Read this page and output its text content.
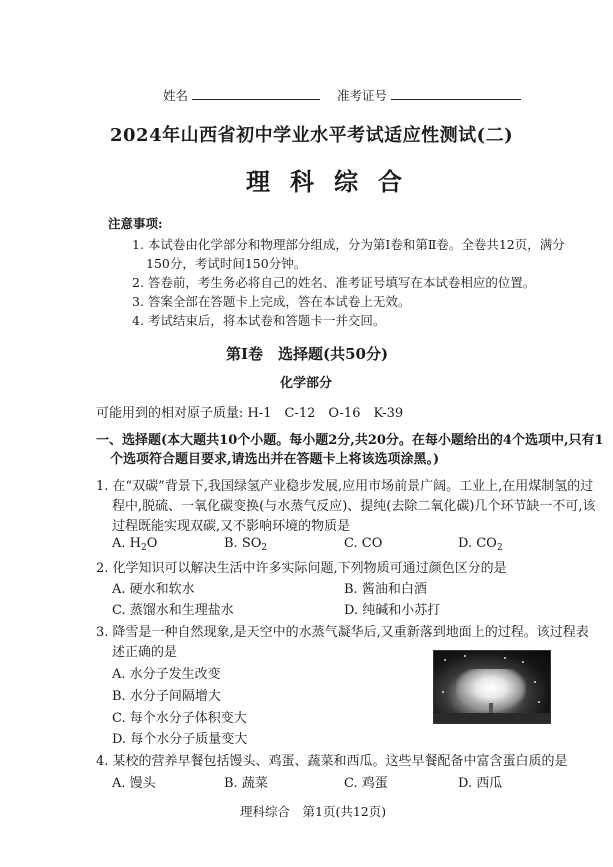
姓名	准考证号
2024年山西省初中学业水平考试适应性测试(二)
理科综合
注意事项:
1. 本试卷由化学部分和物理部分组成，分为第Ⅰ卷和第Ⅱ卷。全卷共12页，满分
150分，考试时间150分钟。
2. 答卷前，考生务必将自己的姓名、准考证号填写在本试卷相应的位置。
3. 答案全部在答题卡上完成，答在本试卷上无效。
4. 考试结束后，将本试卷和答题卡一并交回。
第Ⅰ卷　选择题(共50分)
化学部分
可能用到的相对原子质量: H-1　C-12　O-16　K-39
一、选择题(本大题共10个小题。每小题2分,共20分。在每小题给出的4个选项中,只有1
个选项符合题目要求,请选出并在答题卡上将该选项涂黑。)
1. 在“双碳”背景下,我国绿氢产业稳步发展,应用市场前景广阔。工业上,在用煤制氢的过
程中,脱硫、一氧化碳变换(与水蒸气反应)、提纯(去除二氧化碳)几个环节缺一不可,该
过程既能实现双碳,又不影响环境的物质是
A. $H_2O$	B. $SO_2$	C. CO	D. $CO_2$
2. 化学知识可以解决生活中许多实际问题,下列物质可通过颜色区分的是
A. 硬水和软水	B. 酱油和白酒
C. 蒸馏水和生理盐水	D. 纯碱和小苏打
3. 降雪是一种自然现象,是天空中的水蒸气凝华后,又重新落到地面上的过程。该过程表
述正确的是
A. 水分子发生改变
B. 水分子间隔增大
C. 每个水分子体积变大
D. 每个水分子质量变大
4. 某校的营养早餐包括馒头、鸡蛋、蔬菜和西瓜。这些早餐配备中富含蛋白质的是
A. 馒头	B. 蔬菜	C. 鸡蛋	D. 西瓜
理科综合　第1页(共12页)
